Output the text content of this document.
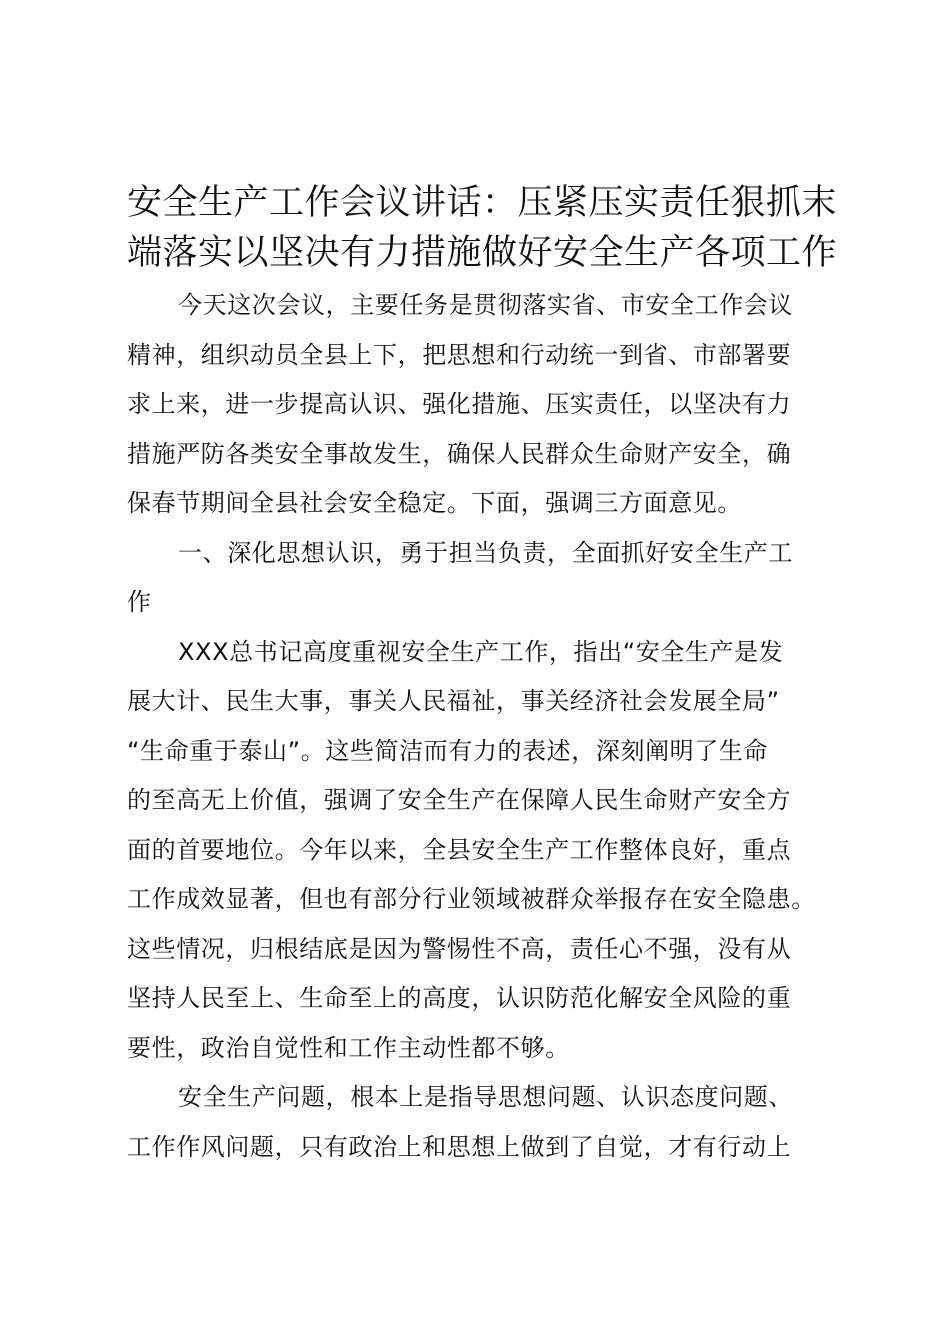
安全生产工作会议讲话：压紧压实责任狠抓末
端落实以坚决有力措施做好安全生产各项工作
今天这次会议，主要任务是贯彻落实省、市安全工作会议
精神，组织动员全县上下，把思想和行动统一到省、市部署要
求上来，进一步提高认识、强化措施、压实责任，以坚决有力
措施严防各类安全事故发生，确保人民群众生命财产安全，确
保春节期间全县社会安全稳定。下面，强调三方面意见。
一、深化思想认识，勇于担当负责，全面抓好安全生产工
作
XXX总书记高度重视安全生产工作，指出“安全生产是发
展大计、民生大事，事关人民福祉，事关经济社会发展全局”
“生命重于泰山”。这些简洁而有力的表述，深刻阐明了生命
的至高无上价值，强调了安全生产在保障人民生命财产安全方
面的首要地位。今年以来，全县安全生产工作整体良好，重点
工作成效显著，但也有部分行业领域被群众举报存在安全隐患。
这些情况，归根结底是因为警惕性不高，责任心不强，没有从
坚持人民至上、生命至上的高度，认识防范化解安全风险的重
要性，政治自觉性和工作主动性都不够。
安全生产问题，根本上是指导思想问题、认识态度问题、
工作作风问题，只有政治上和思想上做到了自觉，才有行动上
